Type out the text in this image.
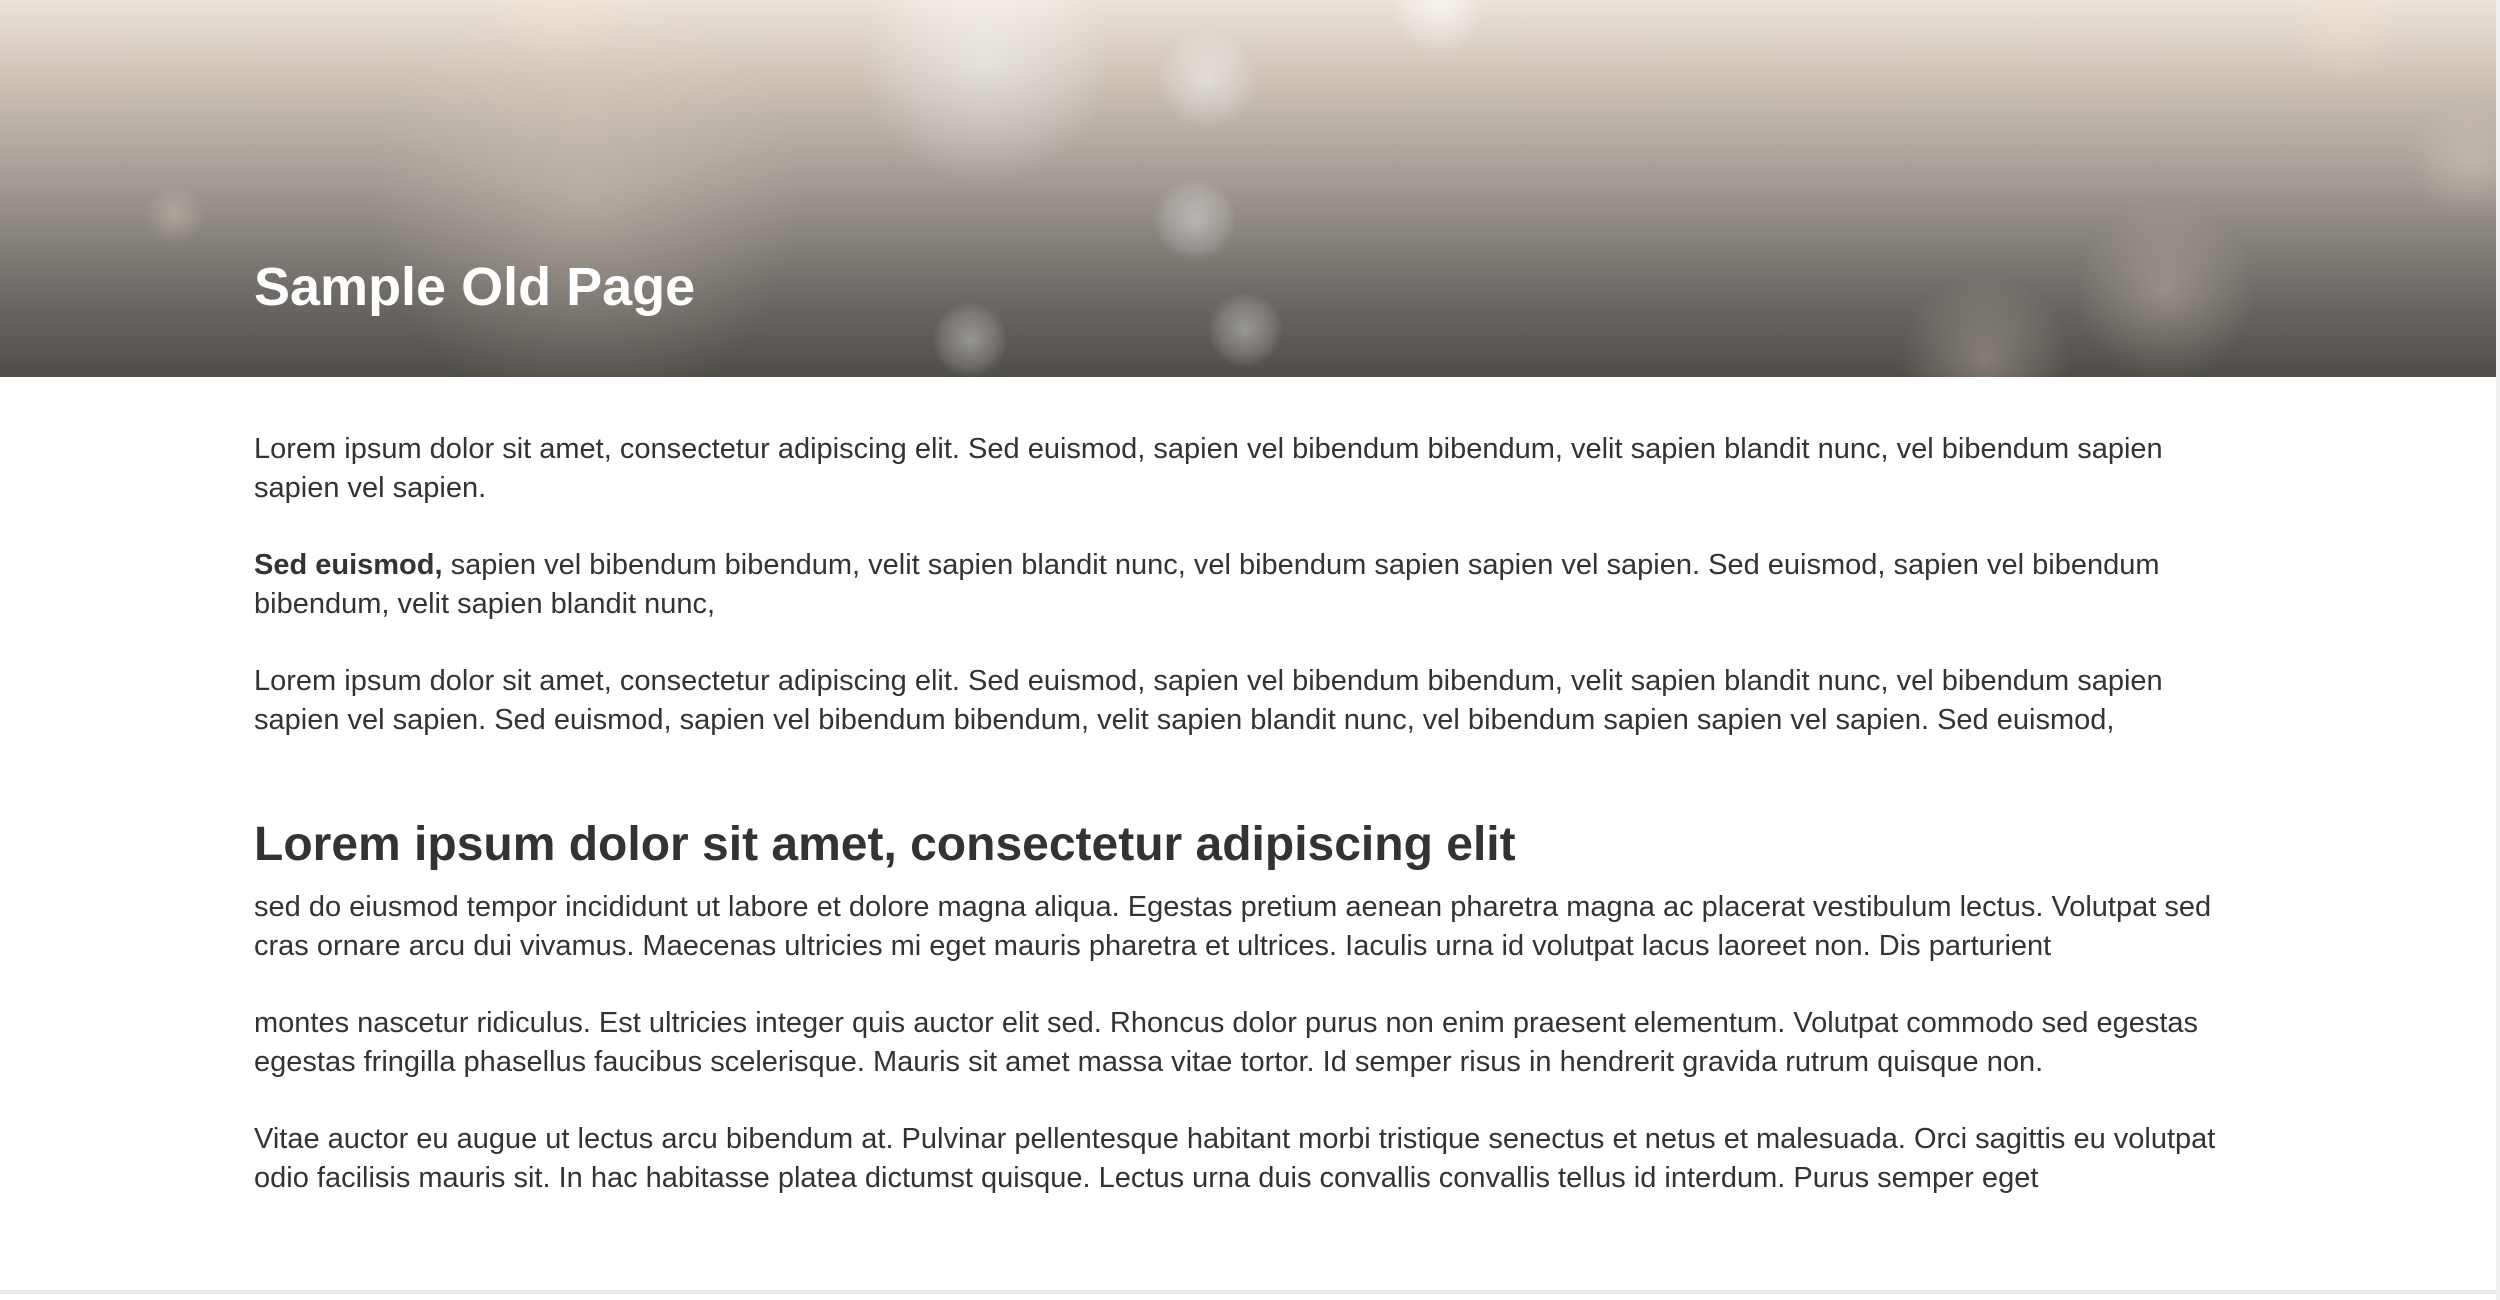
Sample Old Page

Lorem ipsum dolor sit amet, consectetur adipiscing elit. Sed euismod, sapien vel bibendum bibendum, velit sapien blandit nunc, vel bibendum sapien sapien vel sapien.

Sed euismod, sapien vel bibendum bibendum, velit sapien blandit nunc, vel bibendum sapien sapien vel sapien. Sed euismod, sapien vel bibendum bibendum, velit sapien blandit nunc,

Lorem ipsum dolor sit amet, consectetur adipiscing elit. Sed euismod, sapien vel bibendum bibendum, velit sapien blandit nunc, vel bibendum sapien sapien vel sapien. Sed euismod, sapien vel bibendum bibendum, velit sapien blandit nunc, vel bibendum sapien sapien vel sapien. Sed euismod,

Lorem ipsum dolor sit amet, consectetur adipiscing elit

sed do eiusmod tempor incididunt ut labore et dolore magna aliqua. Egestas pretium aenean pharetra magna ac placerat vestibulum lectus. Volutpat sed cras ornare arcu dui vivamus. Maecenas ultricies mi eget mauris pharetra et ultrices. Iaculis urna id volutpat lacus laoreet non. Dis parturient

montes nascetur ridiculus. Est ultricies integer quis auctor elit sed. Rhoncus dolor purus non enim praesent elementum. Volutpat commodo sed egestas egestas fringilla phasellus faucibus scelerisque. Mauris sit amet massa vitae tortor. Id semper risus in hendrerit gravida rutrum quisque non.

Vitae auctor eu augue ut lectus arcu bibendum at. Pulvinar pellentesque habitant morbi tristique senectus et netus et malesuada. Orci sagittis eu volutpat odio facilisis mauris sit. In hac habitasse platea dictumst quisque. Lectus urna duis convallis convallis tellus id interdum. Purus semper eget
